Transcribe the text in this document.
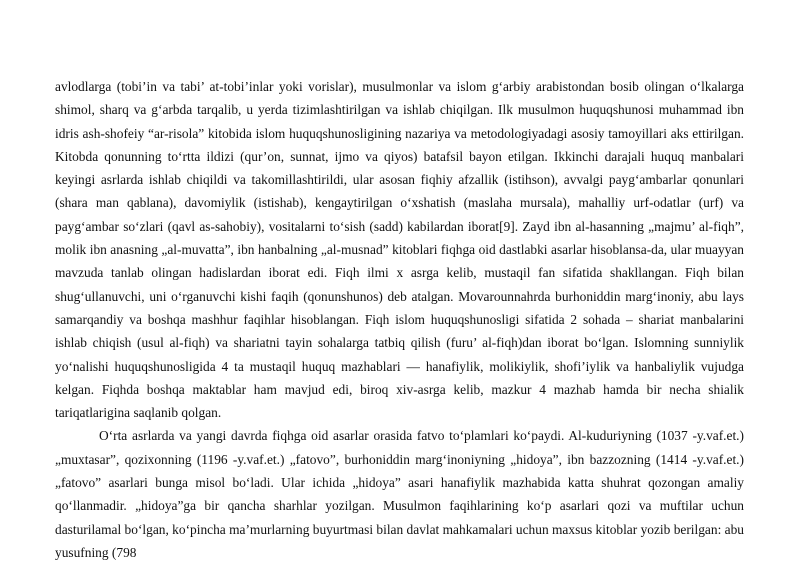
avlodlarga (tobi’in va tabi’ at-tobi’inlar yoki vorislar), musulmonlar va islom g‘arbiy arabistondan bosib olingan o‘lkalarga shimol, sharq va g‘arbda tarqalib, u yerda tizimlashtirilgan va ishlab chiqilgan. Ilk musulmon huquqshunosi muhammad ibn idris ash-shofeiy “ar-risola” kitobida islom huquqshunosligining nazariya va metodologiyadagi asosiy tamoyillari aks ettirilgan. Kitobda qonunning to‘rtta ildizi (qur’on, sunnat, ijmo va qiyos) batafsil bayon etilgan. Ikkinchi darajali huquq manbalari keyingi asrlarda ishlab chiqildi va takomillashtirildi, ular asosan fiqhiy afzallik (istihson), avvalgi payg‘ambarlar qonunlari (shara man qablana), davomiylik (istishab), kengaytirilgan o‘xshatish (maslaha mursala), mahalliy urf-odatlar (urf) va payg‘ambar so‘zlari (qavl as-sahobiy), vositalarni to‘sish (sadd) kabilardan iborat[9]. Zayd ibn al-hasanning „majmu’ al-fiqh”, molik ibn anasning „al-muvatta”, ibn hanbalning „al-musnad” kitoblari fiqhga oid dastlabki asarlar hisoblansa-da, ular muayyan mavzuda tanlab olingan hadislardan iborat edi. Fiqh ilmi x asrga kelib, mustaqil fan sifatida shakllangan. Fiqh bilan shug‘ullanuvchi, uni o‘rganuvchi kishi faqih (qonunshunos) deb atalgan. Movarounnahrda burhoniddin marg‘inoniy, abu lays samarqandiy va boshqa mashhur faqihlar hisoblangan. Fiqh islom huquqshunosligi sifatida 2 sohada – shariat manbalarini ishlab chiqish (usul al-fiqh) va shariatni tayin sohalarga tatbiq qilish (furu’ al-fiqh)dan iborat bo‘lgan. Islomning sunniylik yo‘nalishi huquqshunosligida 4 ta mustaqil huquq mazhablari — hanafiylik, molikiylik, shofi’iylik va hanbaliylik vujudga kelgan. Fiqhda boshqa maktablar ham mavjud edi, biroq xiv-asrga kelib, mazkur 4 mazhab hamda bir necha shialik tariqatlarigina saqlanib qolgan.

O‘rta asrlarda va yangi davrda fiqhga oid asarlar orasida fatvo to‘plamlari ko‘paydi. Al-kuduriyning (1037 -y.vaf.et.) „muxtasar”, qozixonning (1196 -y.vaf.et.) „fatovo”, burhoniddin marg‘inoniyning „hidoya”, ibn bazzozning (1414 -y.vaf.et.) „fatovo” asarlari bunga misol bo‘ladi. Ular ichida „hidoya” asari hanafiylik mazhabida katta shuhrat qozongan amaliy qo‘llanmadir. „hidoya”ga bir qancha sharhlar yozilgan. Musulmon faqihlarining ko‘p asarlari qozi va muftilar uchun dasturilamal bo‘lgan, ko‘pincha ma’murlarning buyurtmasi bilan davlat mahkamalari uchun maxsus kitoblar yozib berilgan: abu yusufning (798
